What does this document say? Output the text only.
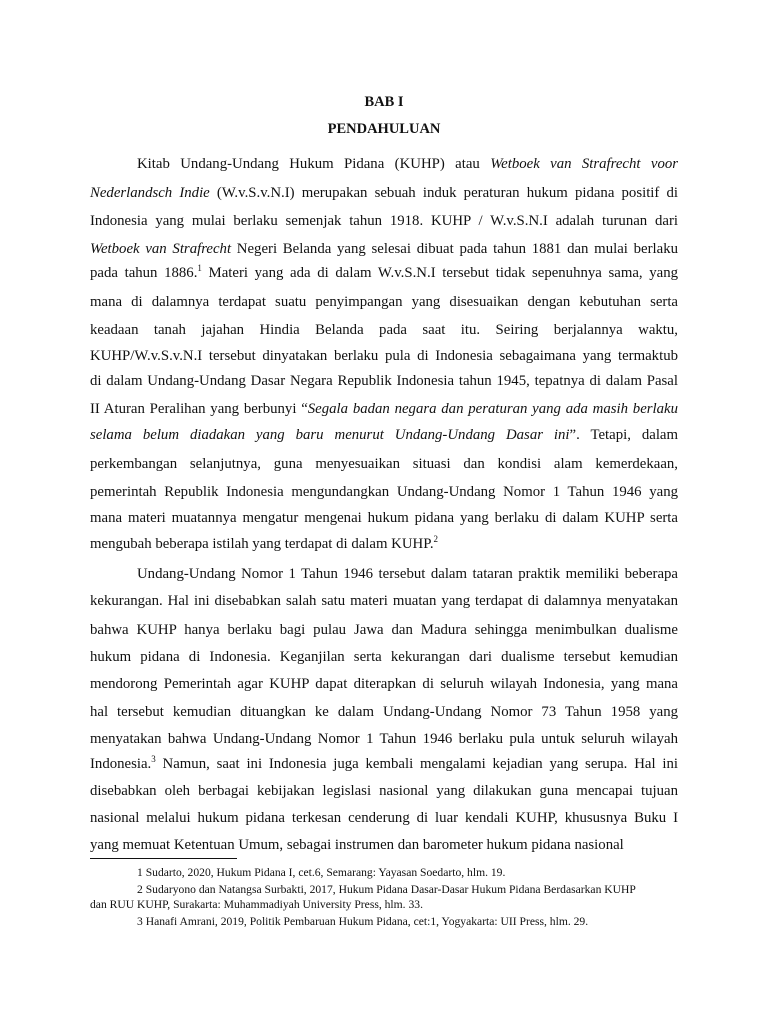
BAB I
PENDAHULUAN
Kitab Undang-Undang Hukum Pidana (KUHP) atau Wetboek van Strafrecht voor
Nederlandsch Indie (W.v.S.v.N.I) merupakan sebuah induk peraturan hukum pidana positif di
Indonesia yang mulai berlaku semenjak tahun 1918. KUHP / W.v.S.N.I adalah turunan dari
Wetboek van Strafrecht Negeri Belanda yang selesai dibuat pada tahun 1881 dan mulai berlaku
pada tahun 1886.$^1$ Materi yang ada di dalam W.v.S.N.I tersebut tidak sepenuhnya sama, yang
mana di dalamnya terdapat suatu penyimpangan yang disesuaikan dengan kebutuhan serta
keadaan tanah jajahan Hindia Belanda pada saat itu. Seiring berjalannya waktu,
KUHP/W.v.S.v.N.I tersebut dinyatakan berlaku pula di Indonesia sebagaimana yang termaktub
di dalam Undang-Undang Dasar Negara Republik Indonesia tahun 1945, tepatnya di dalam Pasal
II Aturan Peralihan yang berbunyi “Segala badan negara dan peraturan yang ada masih berlaku
selama belum diadakan yang baru menurut Undang-Undang Dasar ini”. Tetapi, dalam
perkembangan selanjutnya, guna menyesuaikan situasi dan kondisi alam kemerdekaan,
pemerintah Republik Indonesia mengundangkan Undang-Undang Nomor 1 Tahun 1946 yang
mana materi muatannya mengatur mengenai hukum pidana yang berlaku di dalam KUHP serta
mengubah beberapa istilah yang terdapat di dalam KUHP.$^2$
Undang-Undang Nomor 1 Tahun 1946 tersebut dalam tataran praktik memiliki beberapa
kekurangan. Hal ini disebabkan salah satu materi muatan yang terdapat di dalamnya menyatakan
bahwa KUHP hanya berlaku bagi pulau Jawa dan Madura sehingga menimbulkan dualisme
hukum pidana di Indonesia. Keganjilan serta kekurangan dari dualisme tersebut kemudian
mendorong Pemerintah agar KUHP dapat diterapkan di seluruh wilayah Indonesia, yang mana
hal tersebut kemudian dituangkan ke dalam Undang-Undang Nomor 73 Tahun 1958 yang
menyatakan bahwa Undang-Undang Nomor 1 Tahun 1946 berlaku pula untuk seluruh wilayah
Indonesia.$^3$ Namun, saat ini Indonesia juga kembali mengalami kejadian yang serupa. Hal ini
disebabkan oleh berbagai kebijakan legislasi nasional yang dilakukan guna mencapai tujuan
nasional melalui hukum pidana terkesan cenderung di luar kendali KUHP, khususnya Buku I
yang memuat Ketentuan Umum, sebagai instrumen dan barometer hukum pidana nasional
1 Sudarto, 2020, Hukum Pidana I, cet.6, Semarang: Yayasan Soedarto, hlm. 19.
2 Sudaryono dan Natangsa Surbakti, 2017, Hukum Pidana Dasar-Dasar Hukum Pidana Berdasarkan KUHP
dan RUU KUHP, Surakarta: Muhammadiyah University Press, hlm. 33.
3 Hanafi Amrani, 2019, Politik Pembaruan Hukum Pidana, cet:1, Yogyakarta: UII Press, hlm. 29.
